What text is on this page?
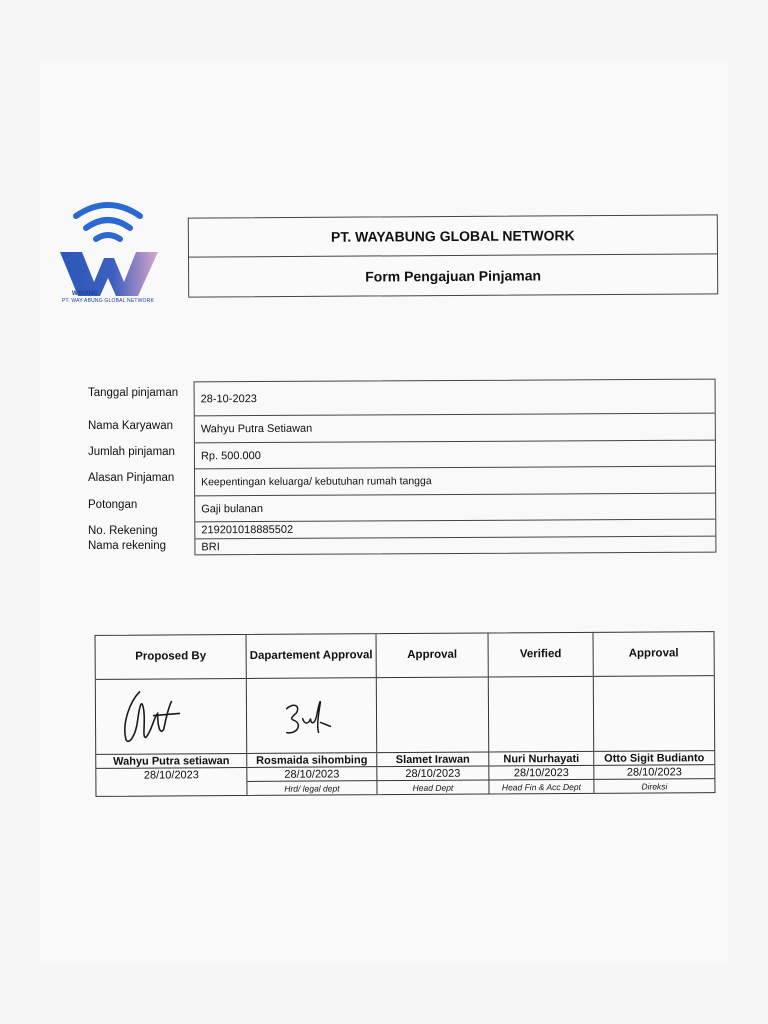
WAYANG
PT. WAY ABUNG GLOBAL NETWORK
PT. WAYABUNG GLOBAL NETWORK
Form Pengajuan Pinjaman
Tanggal pinjaman
Nama Karyawan
Jumlah pinjaman
Alasan Pinjaman
Potongan
No. Rekening
Nama rekening
28-10-2023
Wahyu Putra Setiawan
Rp. 500.000
Keepentingan keluarga/ kebutuhan rumah tangga
Gaji bulanan
219201018885502
BRI
Proposed By
Wahyu Putra setiawan
28/10/2023
Dapartement Approval
Rosmaida sihombing
28/10/2023
Hrd/ legal dept
Approval
Slamet Irawan
28/10/2023
Head Dept
Verified
Nuri Nurhayati
28/10/2023
Head Fin & Acc Dept
Approval
Otto Sigit Budianto
28/10/2023
Direksi
